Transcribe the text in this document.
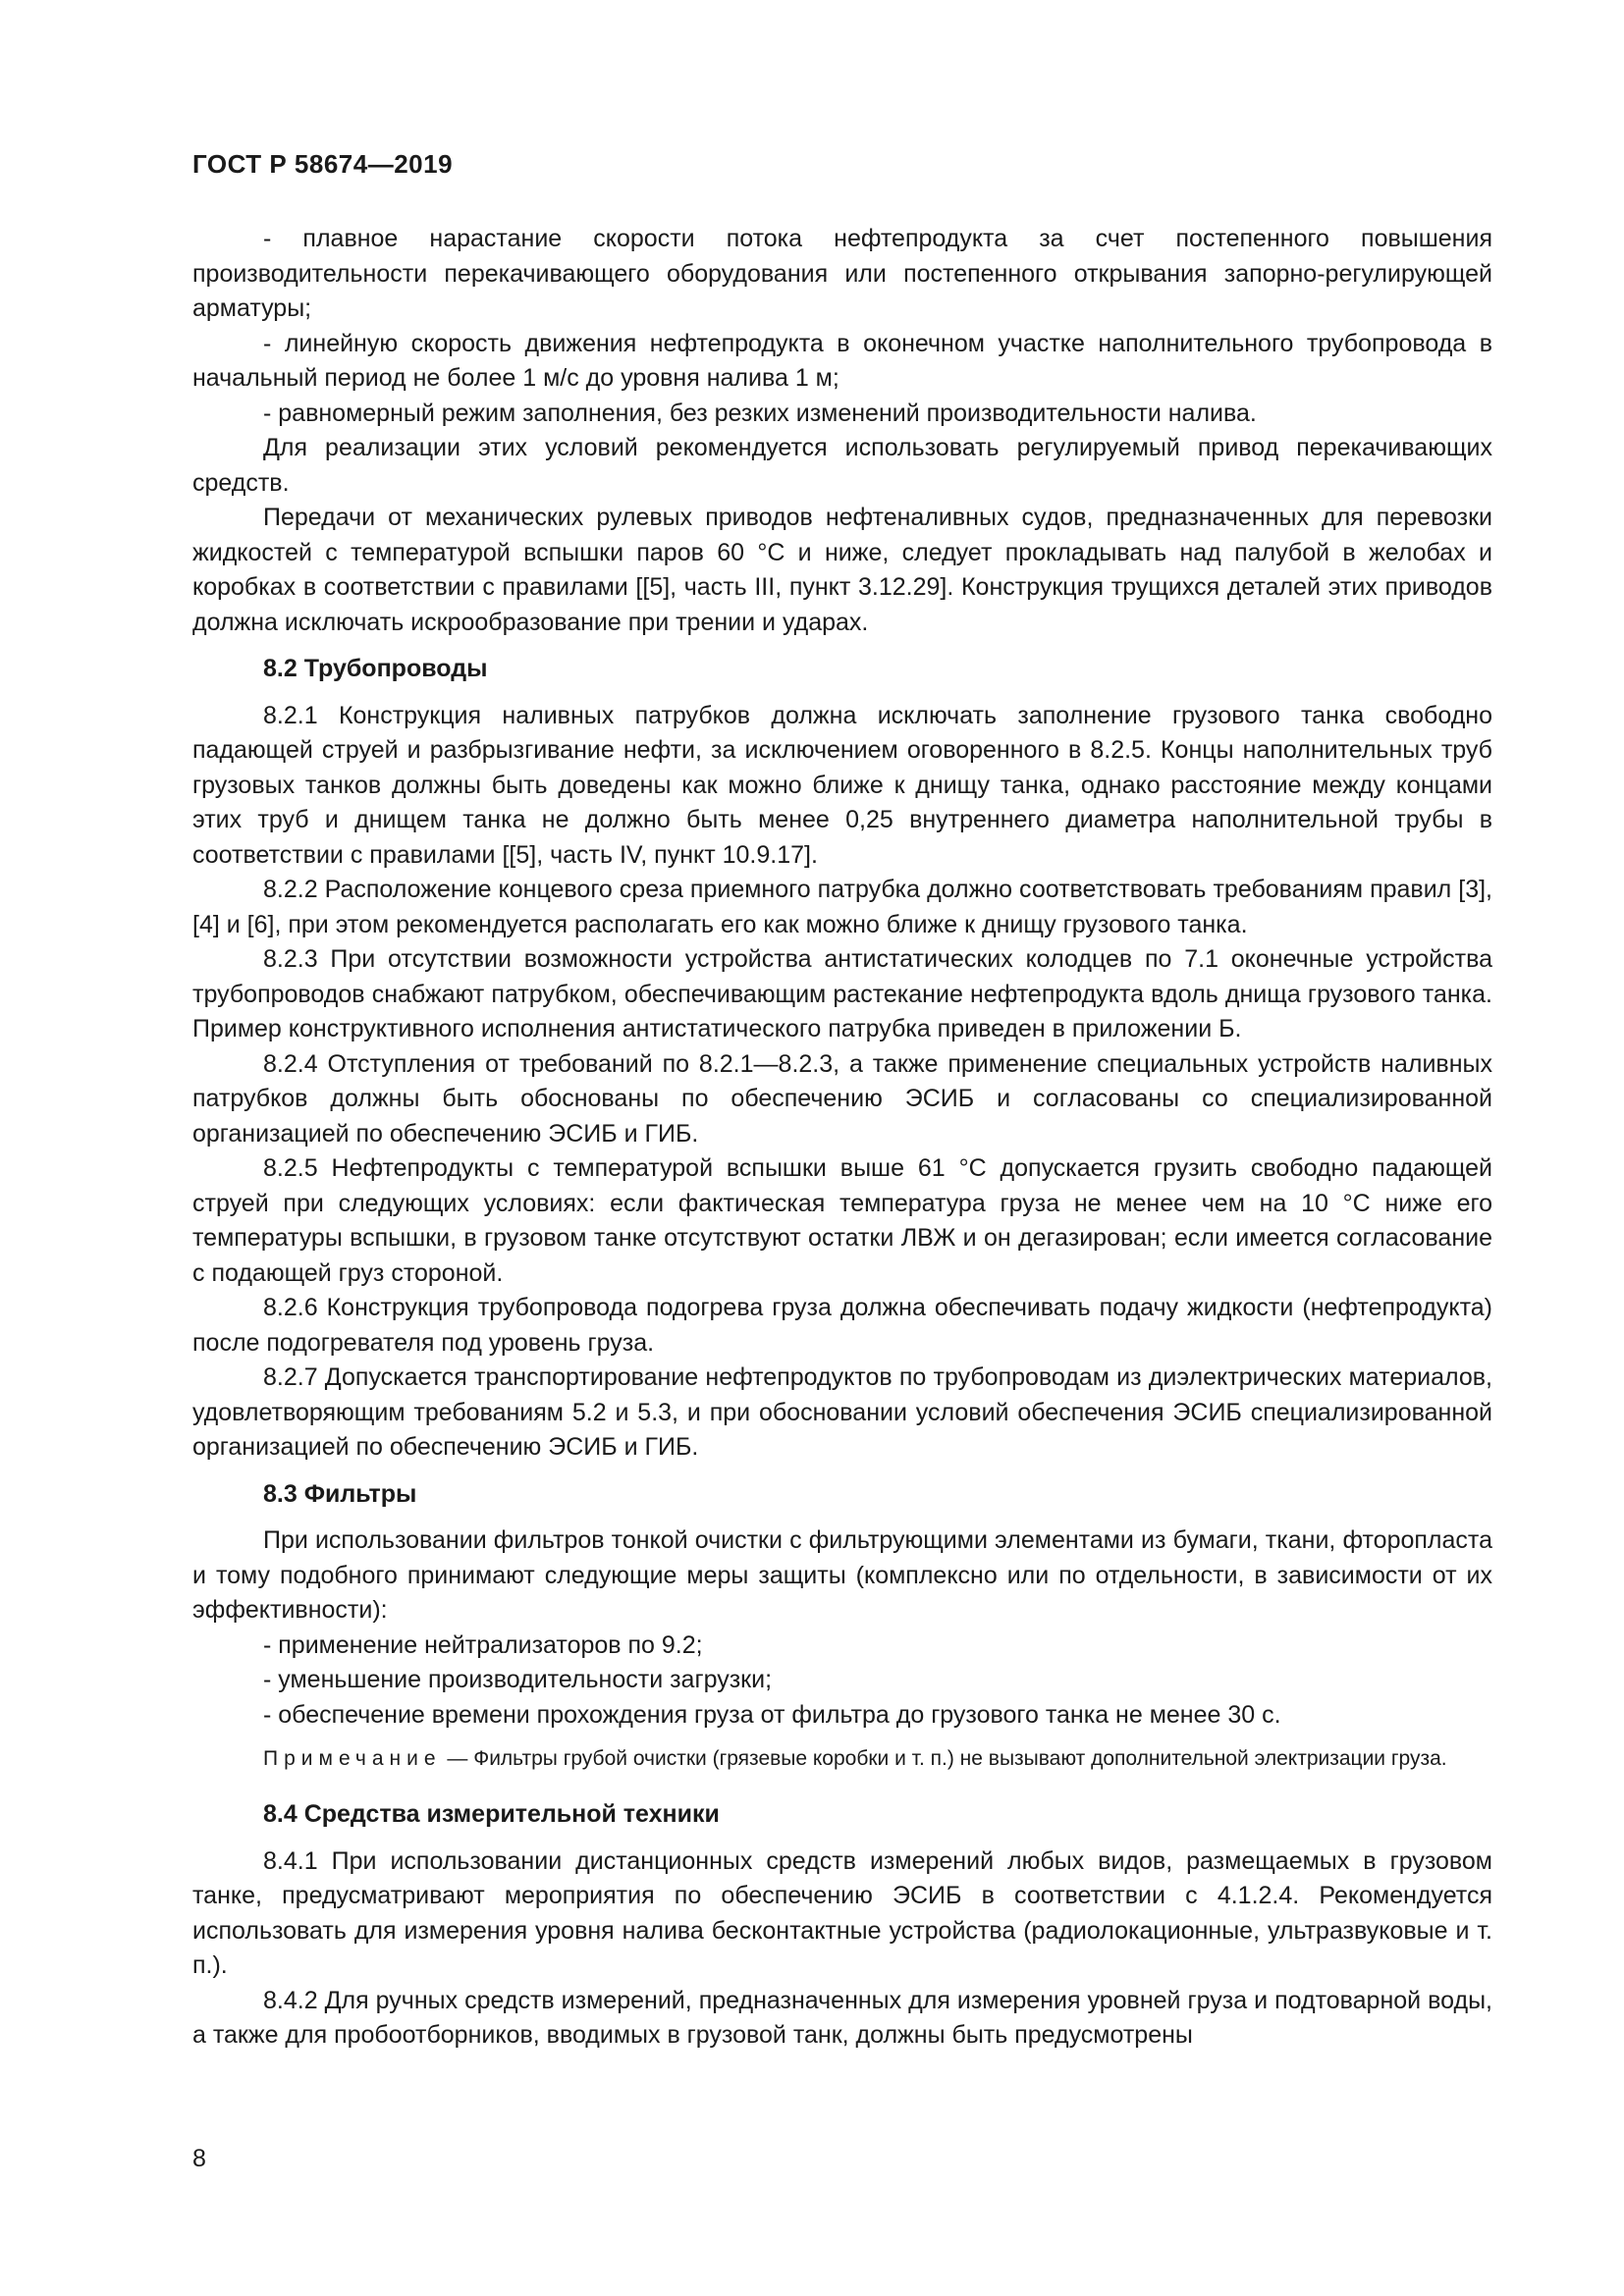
ГОСТ Р 58674—2019

- плавное нарастание скорости потока нефтепродукта за счет постепенного повышения производительности перекачивающего оборудования или постепенного открывания запорно-регулирующей арматуры;

- линейную скорость движения нефтепродукта в оконечном участке наполнительного трубопровода в начальный период не более 1 м/с до уровня налива 1 м;

- равномерный режим заполнения, без резких изменений производительности налива.

Для реализации этих условий рекомендуется использовать регулируемый привод перекачивающих средств.

Передачи от механических рулевых приводов нефтеналивных судов, предназначенных для перевозки жидкостей с температурой вспышки паров 60 °С и ниже, следует прокладывать над палубой в желобах и коробках в соответствии с правилами [[5], часть III, пункт 3.12.29]. Конструкция трущихся деталей этих приводов должна исключать искрообразование при трении и ударах.

8.2 Трубопроводы

8.2.1 Конструкция наливных патрубков должна исключать заполнение грузового танка свободно падающей струей и разбрызгивание нефти, за исключением оговоренного в 8.2.5. Концы наполнительных труб грузовых танков должны быть доведены как можно ближе к днищу танка, однако расстояние между концами этих труб и днищем танка не должно быть менее 0,25 внутреннего диаметра наполнительной трубы в соответствии с правилами [[5], часть IV, пункт 10.9.17].

8.2.2 Расположение концевого среза приемного патрубка должно соответствовать требованиям правил [3], [4] и [6], при этом рекомендуется располагать его как можно ближе к днищу грузового танка.

8.2.3 При отсутствии возможности устройства антистатических колодцев по 7.1 оконечные устройства трубопроводов снабжают патрубком, обеспечивающим растекание нефтепродукта вдоль днища грузового танка. Пример конструктивного исполнения антистатического патрубка приведен в приложении Б.

8.2.4 Отступления от требований по 8.2.1—8.2.3, а также применение специальных устройств наливных патрубков должны быть обоснованы по обеспечению ЭСИБ и согласованы со специализированной организацией по обеспечению ЭСИБ и ГИБ.

8.2.5 Нефтепродукты с температурой вспышки выше 61 °С допускается грузить свободно падающей струей при следующих условиях: если фактическая температура груза не менее чем на 10 °С ниже его температуры вспышки, в грузовом танке отсутствуют остатки ЛВЖ и он дегазирован; если имеется согласование с подающей груз стороной.

8.2.6 Конструкция трубопровода подогрева груза должна обеспечивать подачу жидкости (нефтепродукта) после подогревателя под уровень груза.

8.2.7 Допускается транспортирование нефтепродуктов по трубопроводам из диэлектрических материалов, удовлетворяющим требованиям 5.2 и 5.3, и при обосновании условий обеспечения ЭСИБ специализированной организацией по обеспечению ЭСИБ и ГИБ.

8.3 Фильтры

При использовании фильтров тонкой очистки с фильтрующими элементами из бумаги, ткани, фторопласта и тому подобного принимают следующие меры защиты (комплексно или по отдельности, в зависимости от их эффективности):

- применение нейтрализаторов по 9.2;

- уменьшение производительности загрузки;

- обеспечение времени прохождения груза от фильтра до грузового танка не менее 30 с.

Примечание — Фильтры грубой очистки (грязевые коробки и т. п.) не вызывают дополнительной электризации груза.

8.4 Средства измерительной техники

8.4.1 При использовании дистанционных средств измерений любых видов, размещаемых в грузовом танке, предусматривают мероприятия по обеспечению ЭСИБ в соответствии с 4.1.2.4. Рекомендуется использовать для измерения уровня налива бесконтактные устройства (радиолокационные, ультразвуковые и т. п.).

8.4.2 Для ручных средств измерений, предназначенных для измерения уровней груза и подтоварной воды, а также для пробоотборников, вводимых в грузовой танк, должны быть предусмотрены

8
